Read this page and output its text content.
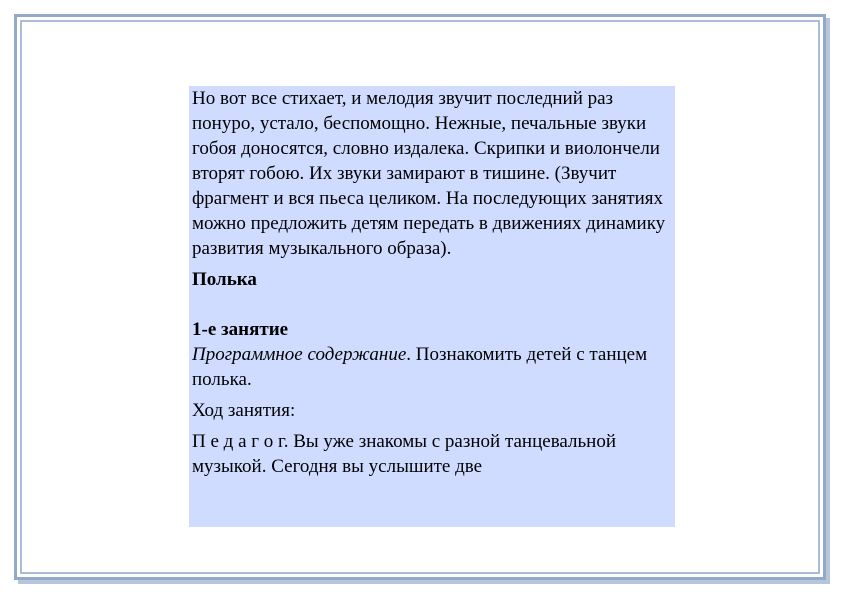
Но вот все стихает, и мелодия звучит последний раз понуро, устало, беспомощно. Нежные, печальные звуки гобоя доносятся, словно издалека. Скрипки и виолончели вторят гобою. Их звуки замирают в тишине. (Звучит фрагмент и вся пьеса целиком. На последующих занятиях можно предложить детям передать в движениях динамику развития музыкального образа).

Полька

1-е занятие

Программное содержание. Познакомить детей с танцем полька.

Ход занятия:

П е д а г о г. Вы уже знакомы с разной танцевальной музыкой. Сегодня вы услышите две
